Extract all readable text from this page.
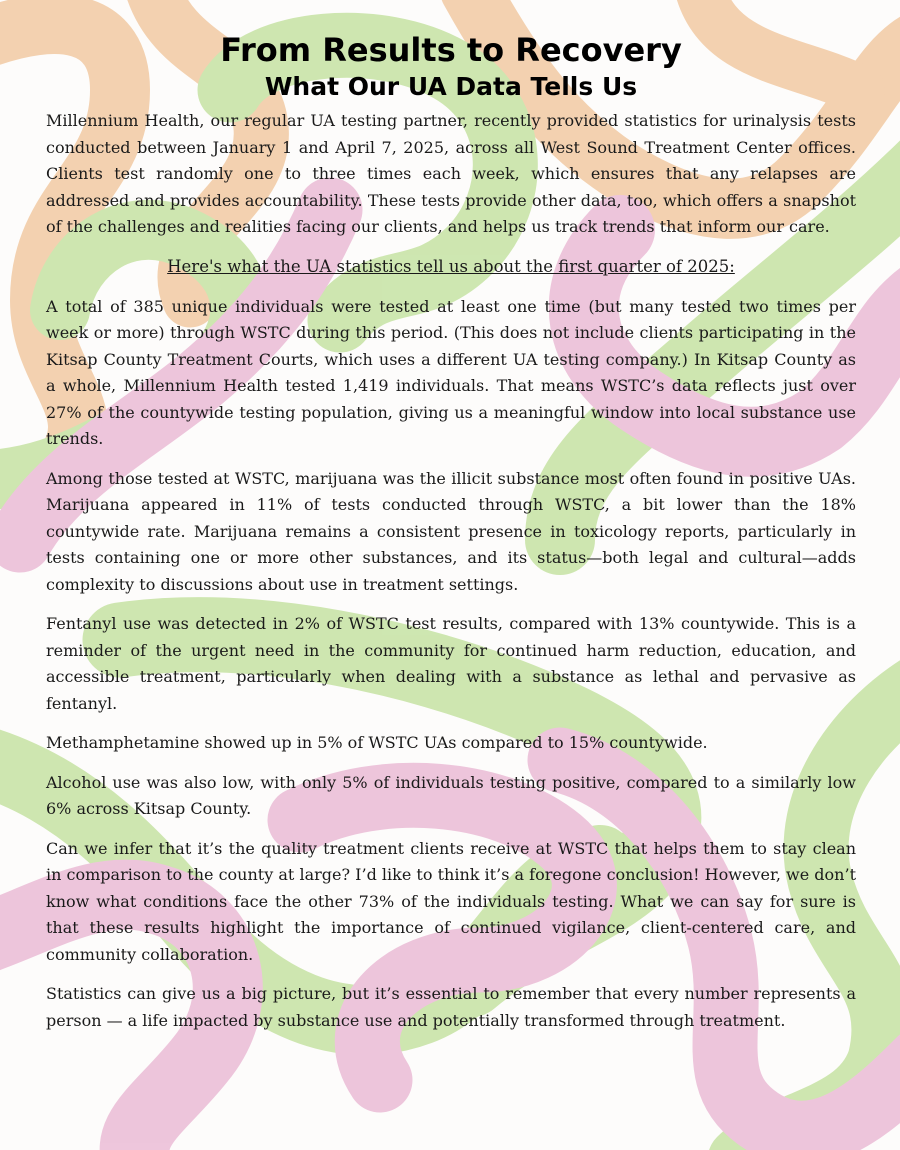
From Results to Recovery
What Our UA Data Tells Us

Millennium Health, our regular UA testing partner, recently provided statistics for urinalysis tests conducted between January 1 and April 7, 2025, across all West Sound Treatment Center offices. Clients test randomly one to three times each week, which ensures that any relapses are addressed and provides accountability. These tests provide other data, too, which offers a snapshot of the challenges and realities facing our clients, and helps us track trends that inform our care.

Here's what the UA statistics tell us about the first quarter of 2025:

A total of 385 unique individuals were tested at least one time (but many tested two times per week or more) through WSTC during this period. (This does not include clients participating in the Kitsap County Treatment Courts, which uses a different UA testing company.) In Kitsap County as a whole, Millennium Health tested 1,419 individuals. That means WSTC’s data reflects just over 27% of the countywide testing population, giving us a meaningful window into local substance use trends.

Among those tested at WSTC, marijuana was the illicit substance most often found in positive UAs. Marijuana appeared in 11% of tests conducted through WSTC, a bit lower than the 18% countywide rate. Marijuana remains a consistent presence in toxicology reports, particularly in tests containing one or more other substances, and its status—both legal and cultural—adds complexity to discussions about use in treatment settings.

Fentanyl use was detected in 2% of WSTC test results, compared with 13% countywide. This is a reminder of the urgent need in the community for continued harm reduction, education, and accessible treatment, particularly when dealing with a substance as lethal and pervasive as fentanyl.

Methamphetamine showed up in 5% of WSTC UAs compared to 15% countywide.

Alcohol use was also low, with only 5% of individuals testing positive, compared to a similarly low 6% across Kitsap County.

Can we infer that it’s the quality treatment clients receive at WSTC that helps them to stay clean in comparison to the county at large? I’d like to think it’s a foregone conclusion! However, we don’t know what conditions face the other 73% of the individuals testing. What we can say for sure is that these results highlight the importance of continued vigilance, client-centered care, and community collaboration.

Statistics can give us a big picture, but it’s essential to remember that every number represents a person — a life impacted by substance use and potentially transformed through treatment.
